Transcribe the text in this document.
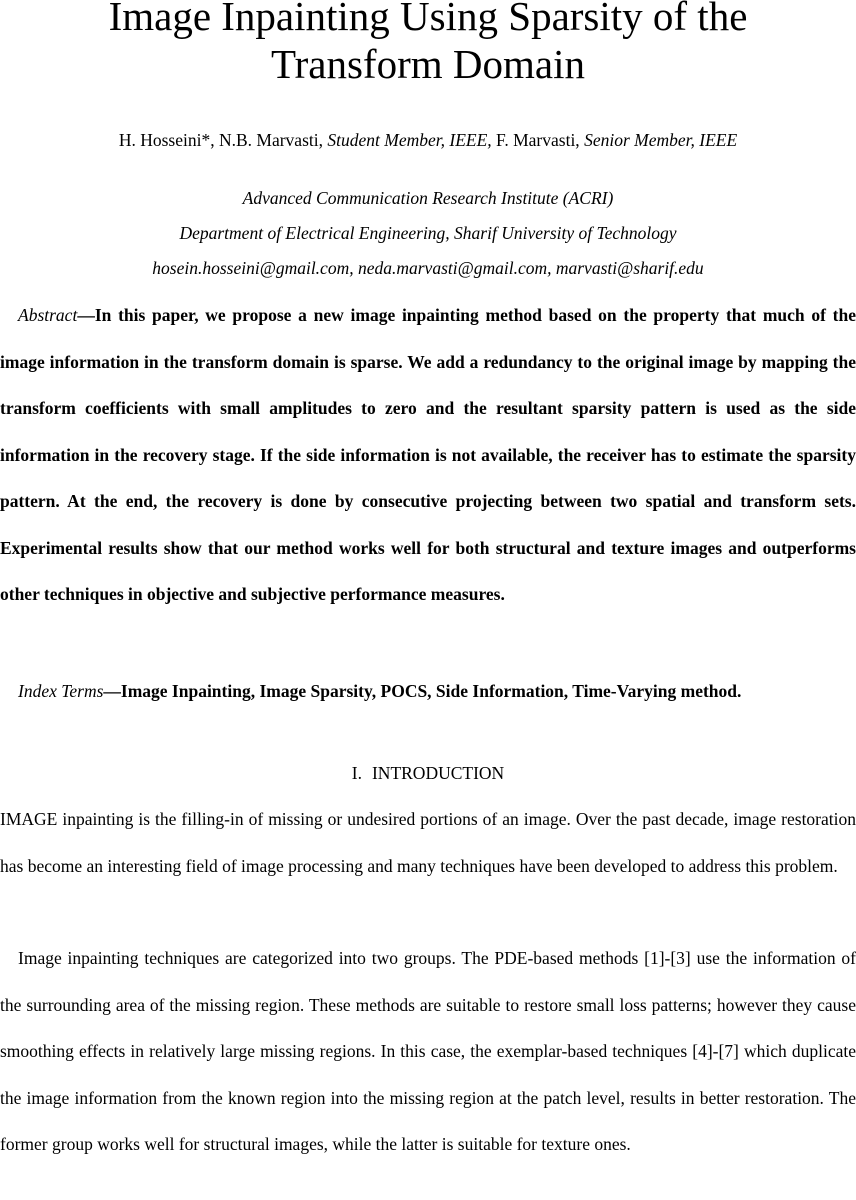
Image Inpainting Using Sparsity of the
Transform Domain
H. Hosseini*, N.B. Marvasti, Student Member, IEEE, F. Marvasti, Senior Member, IEEE
Advanced Communication Research Institute (ACRI)
Department of Electrical Engineering, Sharif University of Technology
hosein.hosseini@gmail.com, neda.marvasti@gmail.com, marvasti@sharif.edu

Abstract—In this paper, we propose a new image inpainting method based on the property that much of the image information in the transform domain is sparse. We add a redundancy to the original image by mapping the transform coefficients with small amplitudes to zero and the resultant sparsity pattern is used as the side information in the recovery stage. If the side information is not available, the receiver has to estimate the sparsity pattern. At the end, the recovery is done by consecutive projecting between two spatial and transform sets. Experimental results show that our method works well for both structural and texture images and outperforms other techniques in objective and subjective performance measures.

Index Terms—Image Inpainting, Image Sparsity, POCS, Side Information, Time-Varying method.

I. INTRODUCTION

IMAGE inpainting is the filling-in of missing or undesired portions of an image. Over the past decade, image restoration has become an interesting field of image processing and many techniques have been developed to address this problem.

Image inpainting techniques are categorized into two groups. The PDE-based methods [1]-[3] use the information of the surrounding area of the missing region. These methods are suitable to restore small loss patterns; however they cause smoothing effects in relatively large missing regions. In this case, the exemplar-based techniques [4]-[7] which duplicate the image information from the known region into the missing region at the patch level, results in better restoration. The former group works well for structural images, while the latter is suitable for texture ones.
